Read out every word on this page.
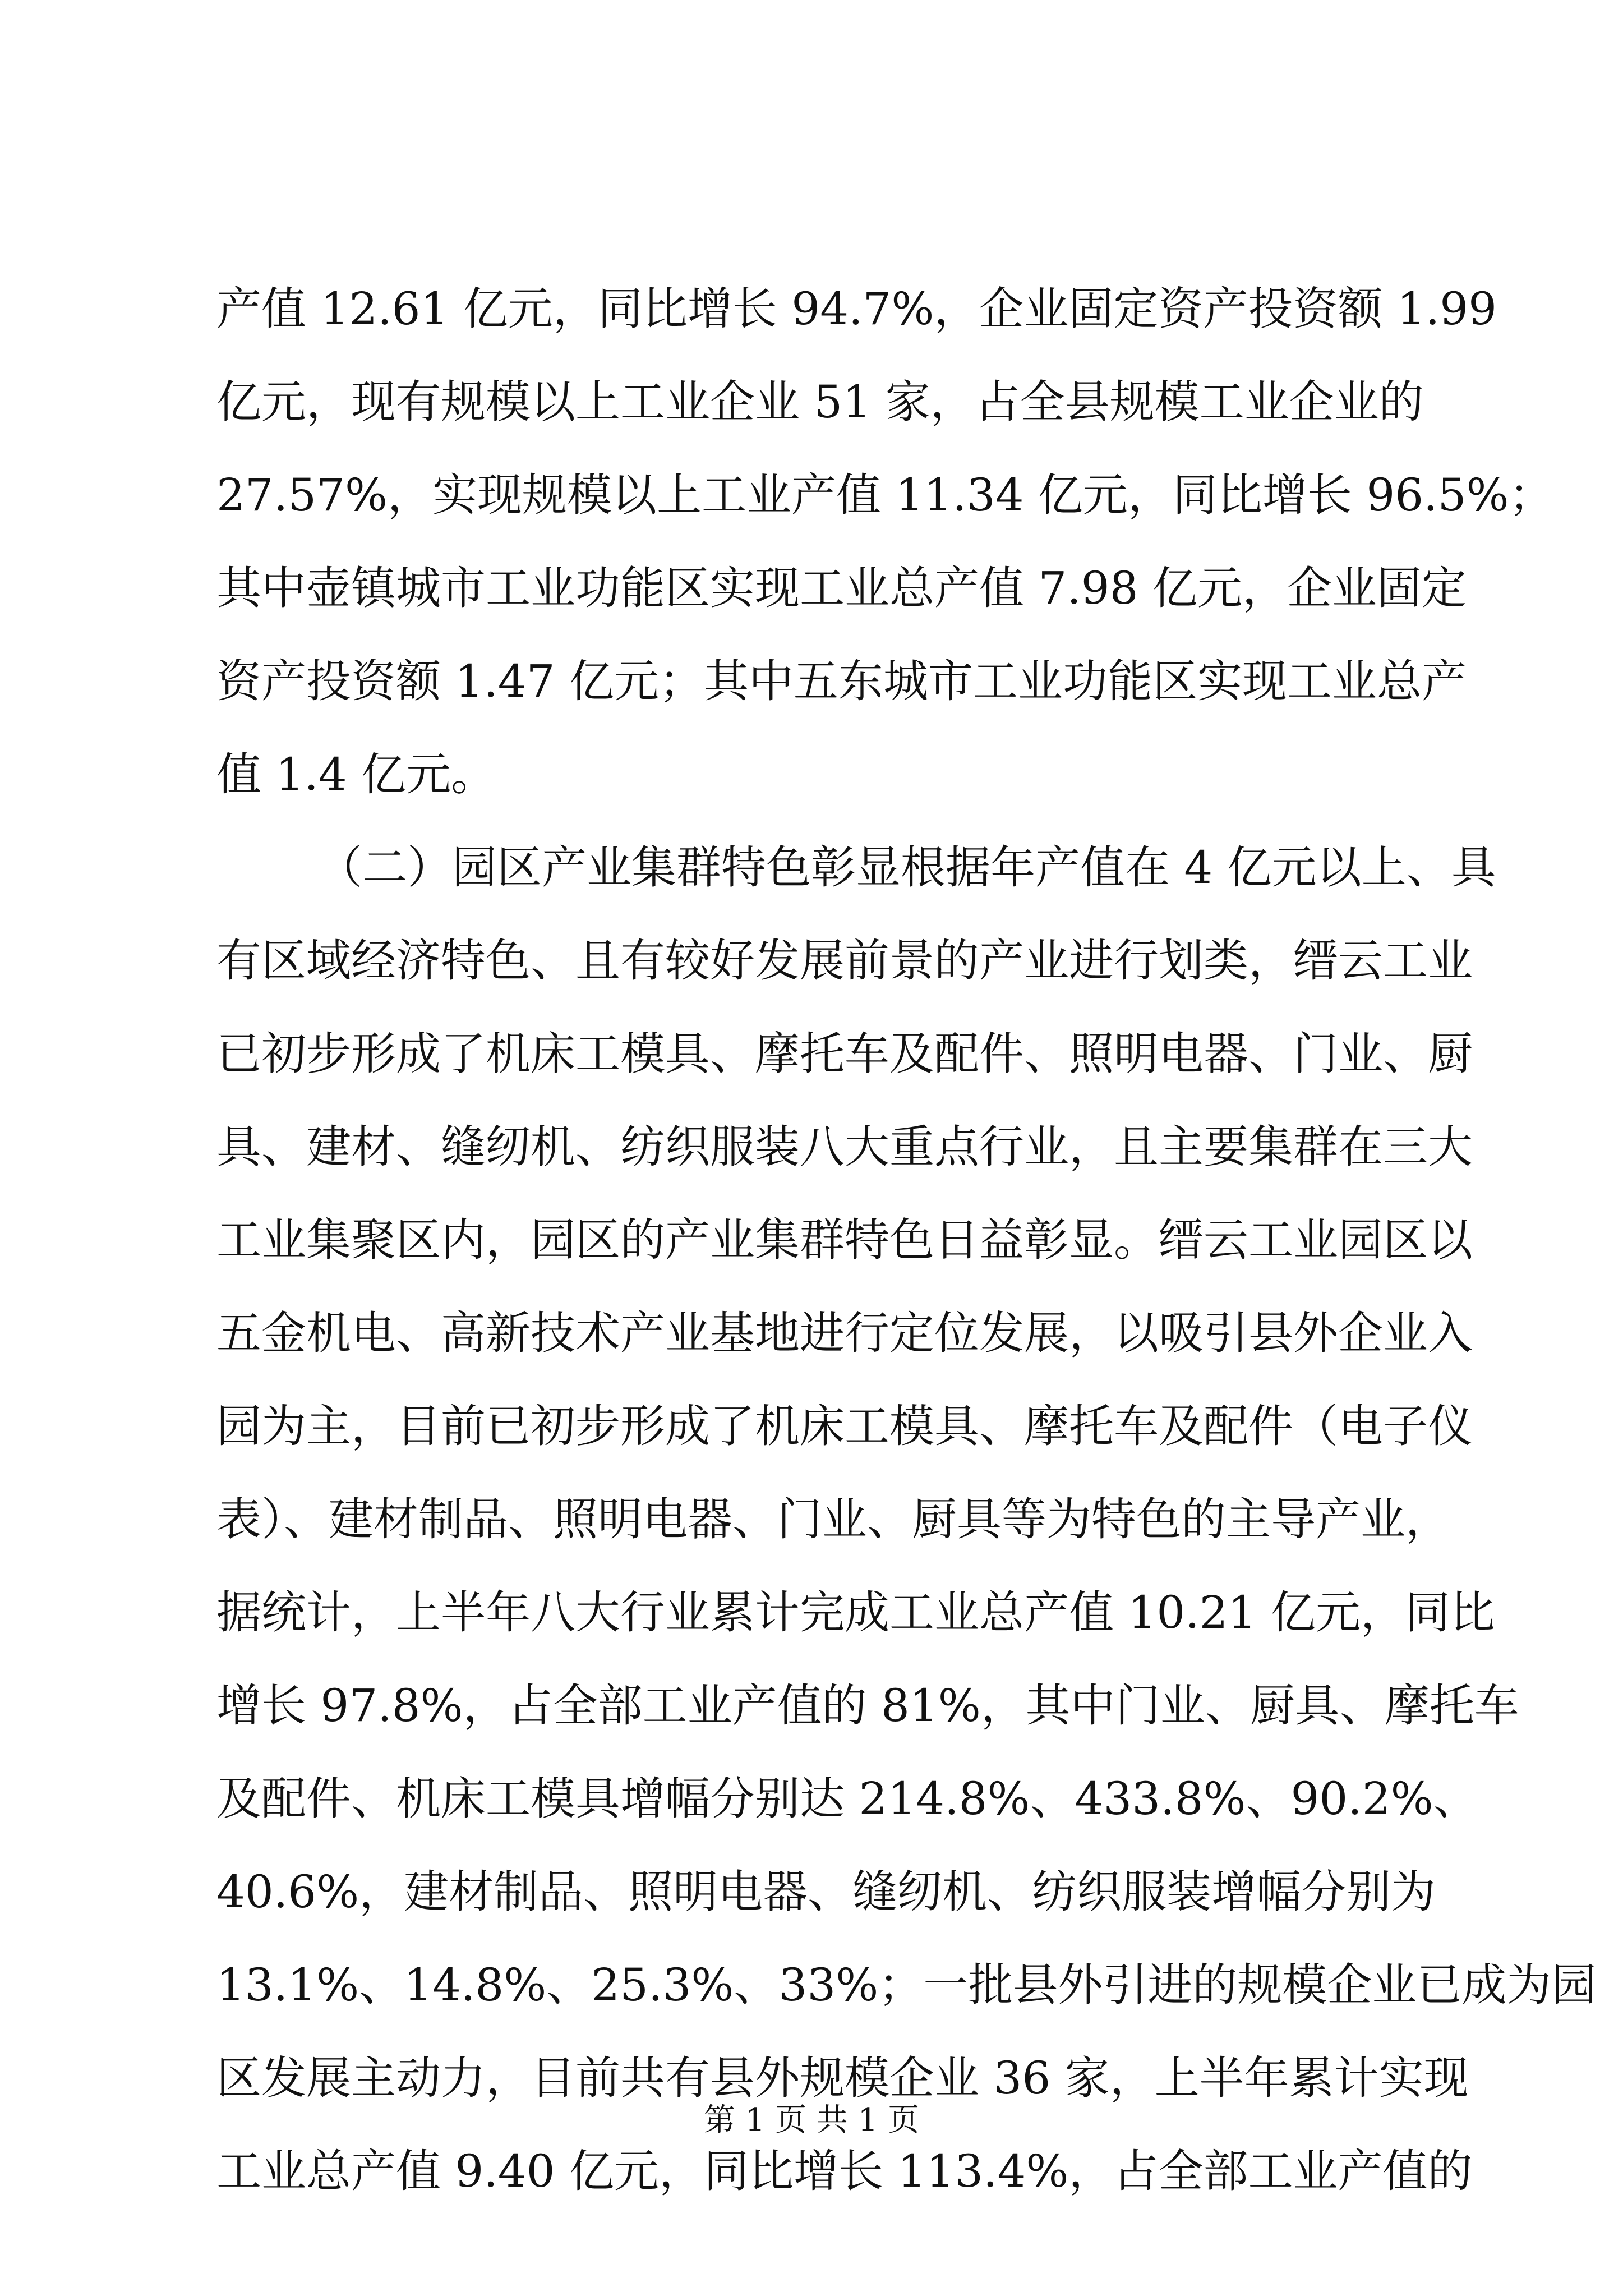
产值 12.61 亿元，同比增长 94.7%，企业固定资产投资额 1.99
亿元，现有规模以上工业企业 51 家，占全县规模工业企业的
27.57%，实现规模以上工业产值 11.34 亿元，同比增长 96.5%；
其中壶镇城市工业功能区实现工业总产值 7.98 亿元，企业固定
资产投资额 1.47 亿元；其中五东城市工业功能区实现工业总产
值 1.4 亿元。
（二）园区产业集群特色彰显根据年产值在 4 亿元以上、具
有区域经济特色、且有较好发展前景的产业进行划类，缙云工业
已初步形成了机床工模具、摩托车及配件、照明电器、门业、厨
具、建材、缝纫机、纺织服装八大重点行业，且主要集群在三大
工业集聚区内，园区的产业集群特色日益彰显。缙云工业园区以
五金机电、高新技术产业基地进行定位发展，以吸引县外企业入
园为主，目前已初步形成了机床工模具、摩托车及配件（电子仪
表）、建材制品、照明电器、门业、厨具等为特色的主导产业，
据统计，上半年八大行业累计完成工业总产值 10.21 亿元，同比
增长 97.8%，占全部工业产值的 81%，其中门业、厨具、摩托车
及配件、机床工模具增幅分别达 214.8%、433.8%、90.2%、
40.6%，建材制品、照明电器、缝纫机、纺织服装增幅分别为
13.1%、14.8%、25.3%、33%；一批县外引进的规模企业已成为园
区发展主动力，目前共有县外规模企业 36 家，上半年累计实现
工业总产值 9.40 亿元，同比增长 113.4%，占全部工业产值的
第 1 页 共 1 页
